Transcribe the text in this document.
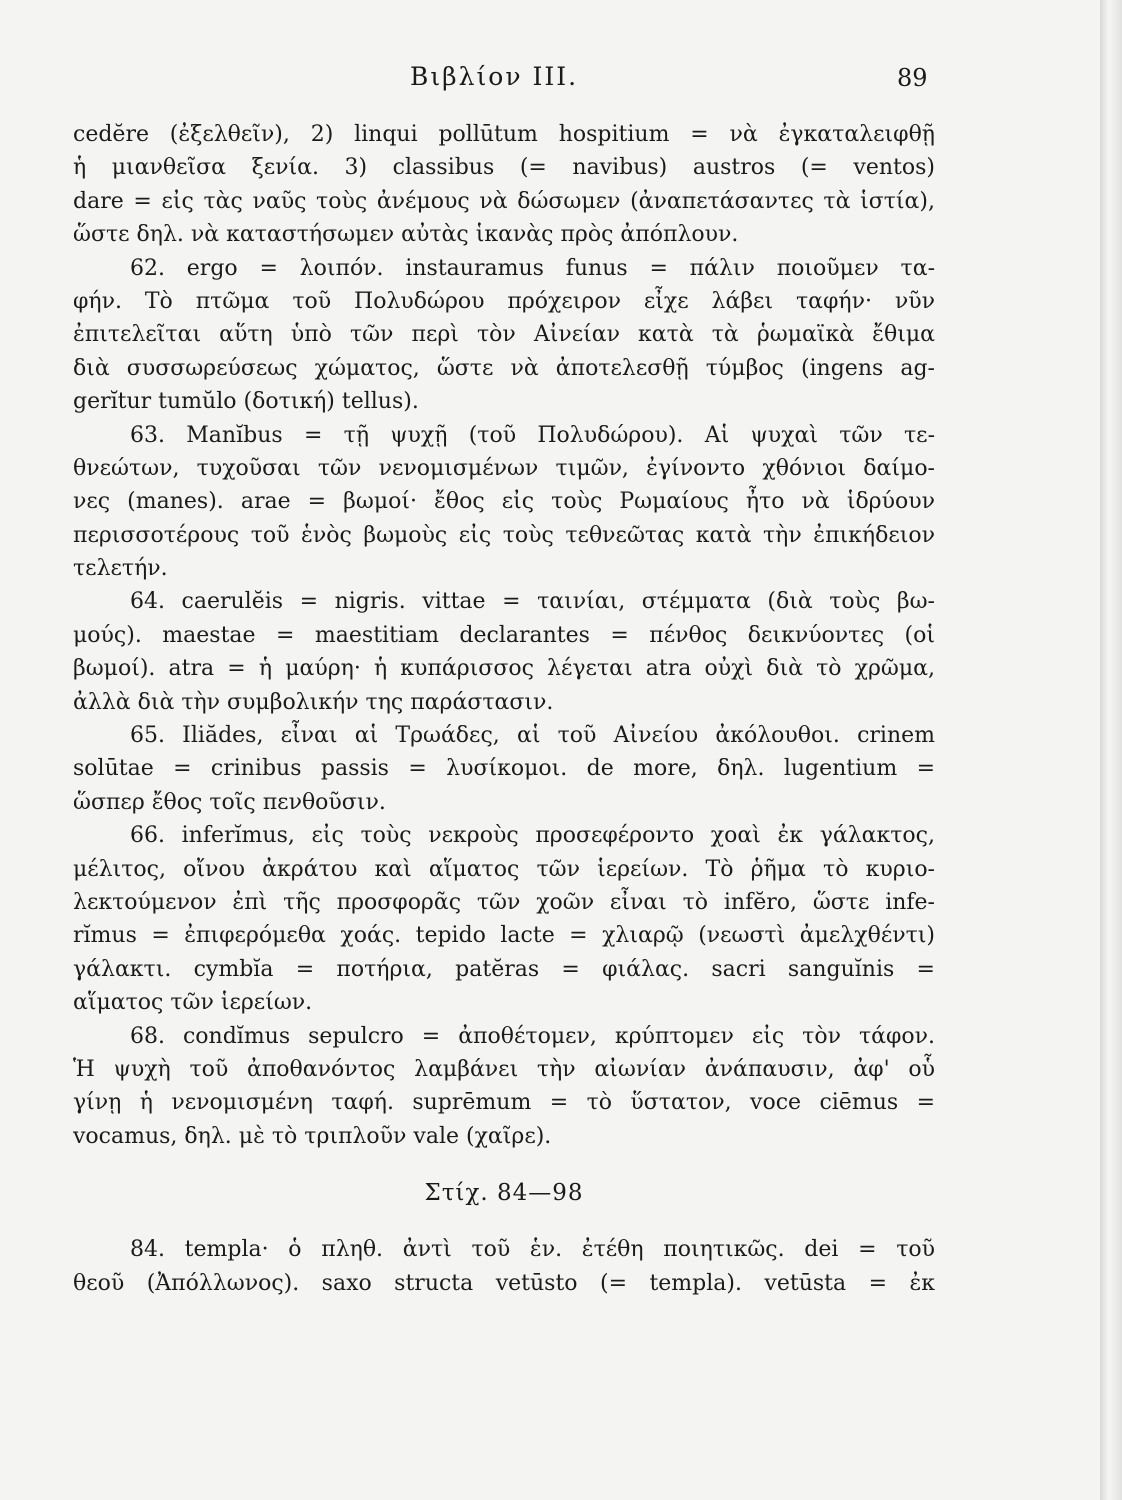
Βιβλίον III.	89
cedĕre (ἐξελθεῖν), 2) linqui pollūtum hospitium = νὰ ἐγκαταλειφθῇ
ἡ μιανθεῖσα ξενία. 3) classibus (= navibus) austros (= ventos)
dare = εἰς τὰς ναῦς τοὺς ἀνέμους νὰ δώσωμεν (ἀναπετάσαντες τὰ ἱστία),
ὥστε δηλ. νὰ καταστήσωμεν αὐτὰς ἱκανὰς πρὸς ἀπόπλουν.
62. ergo = λοιπόν. instauramus funus = πάλιν ποιοῦμεν τα-
φήν. Τὸ πτῶμα τοῦ Πολυδώρου πρόχειρον εἶχε λάβει ταφήν· νῦν
ἐπιτελεῖται αὕτη ὑπὸ τῶν περὶ τὸν Αἰνείαν κατὰ τὰ ῥωμαϊκὰ ἔθιμα
διὰ συσσωρεύσεως χώματος, ὥστε νὰ ἀποτελεσθῇ τύμβος (ingens ag-
gerĭtur tumŭlo (δοτική) tellus).
63. Manĭbus = τῇ ψυχῇ (τοῦ Πολυδώρου). Αἱ ψυχαὶ τῶν τε-
θνεώτων, τυχοῦσαι τῶν νενομισμένων τιμῶν, ἐγίνοντο χθόνιοι δαίμο-
νες (manes). arae = βωμοί· ἔθος εἰς τοὺς Ρωμαίους ἦτο νὰ ἱδρύουν
περισσοτέρους τοῦ ἑνὸς βωμοὺς εἰς τοὺς τεθνεῶτας κατὰ τὴν ἐπικήδειον
τελετήν.
64. caerulĕis = nigris. vittae = ταινίαι, στέμματα (διὰ τοὺς βω-
μούς). maestae = maestitiam declarantes = πένθος δεικνύοντες (οἱ
βωμοί). atra = ἡ μαύρη· ἡ κυπάρισσος λέγεται atra οὐχὶ διὰ τὸ χρῶμα,
ἀλλὰ διὰ τὴν συμβολικήν της παράστασιν.
65. Iliădes, εἶναι αἱ Τρωάδες, αἱ τοῦ Αἰνείου ἀκόλουθοι. crinem
solūtae = crinibus passis = λυσίκομοι. de more, δηλ. lugentium =
ὥσπερ ἔθος τοῖς πενθοῦσιν.
66. inferĭmus, εἰς τοὺς νεκροὺς προσεφέροντο χοαὶ ἐκ γάλακτος,
μέλιτος, οἴνου ἀκράτου καὶ αἵματος τῶν ἱερείων. Τὸ ῥῆμα τὸ κυριο-
λεκτούμενον ἐπὶ τῆς προσφορᾶς τῶν χοῶν εἶναι τὸ infĕro, ὥστε infe-
rĭmus = ἐπιφερόμεθα χοάς. tepido lacte = χλιαρῷ (νεωστὶ ἀμελχθέντι)
γάλακτι. cymbĭa = ποτήρια, patĕras = φιάλας. sacri sanguĭnis =
αἵματος τῶν ἱερείων.
68. condĭmus sepulcro = ἀποθέτομεν, κρύπτομεν εἰς τὸν τάφον.
Ἡ ψυχὴ τοῦ ἀποθανόντος λαμβάνει τὴν αἰωνίαν ἀνάπαυσιν, ἀφ' οὗ
γίνῃ ἡ νενομισμένη ταφή. suprēmum = τὸ ὕστατον, voce ciēmus =
vocamus, δηλ. μὲ τὸ τριπλοῦν vale (χαῖρε).
Στίχ. 84—98
84. templa· ὁ πληθ. ἀντὶ τοῦ ἑν. ἐτέθη ποιητικῶς. dei = τοῦ
θεοῦ (Ἀπόλλωνος). saxo structa vetūsto (= templa). vetūsta = ἐκ
